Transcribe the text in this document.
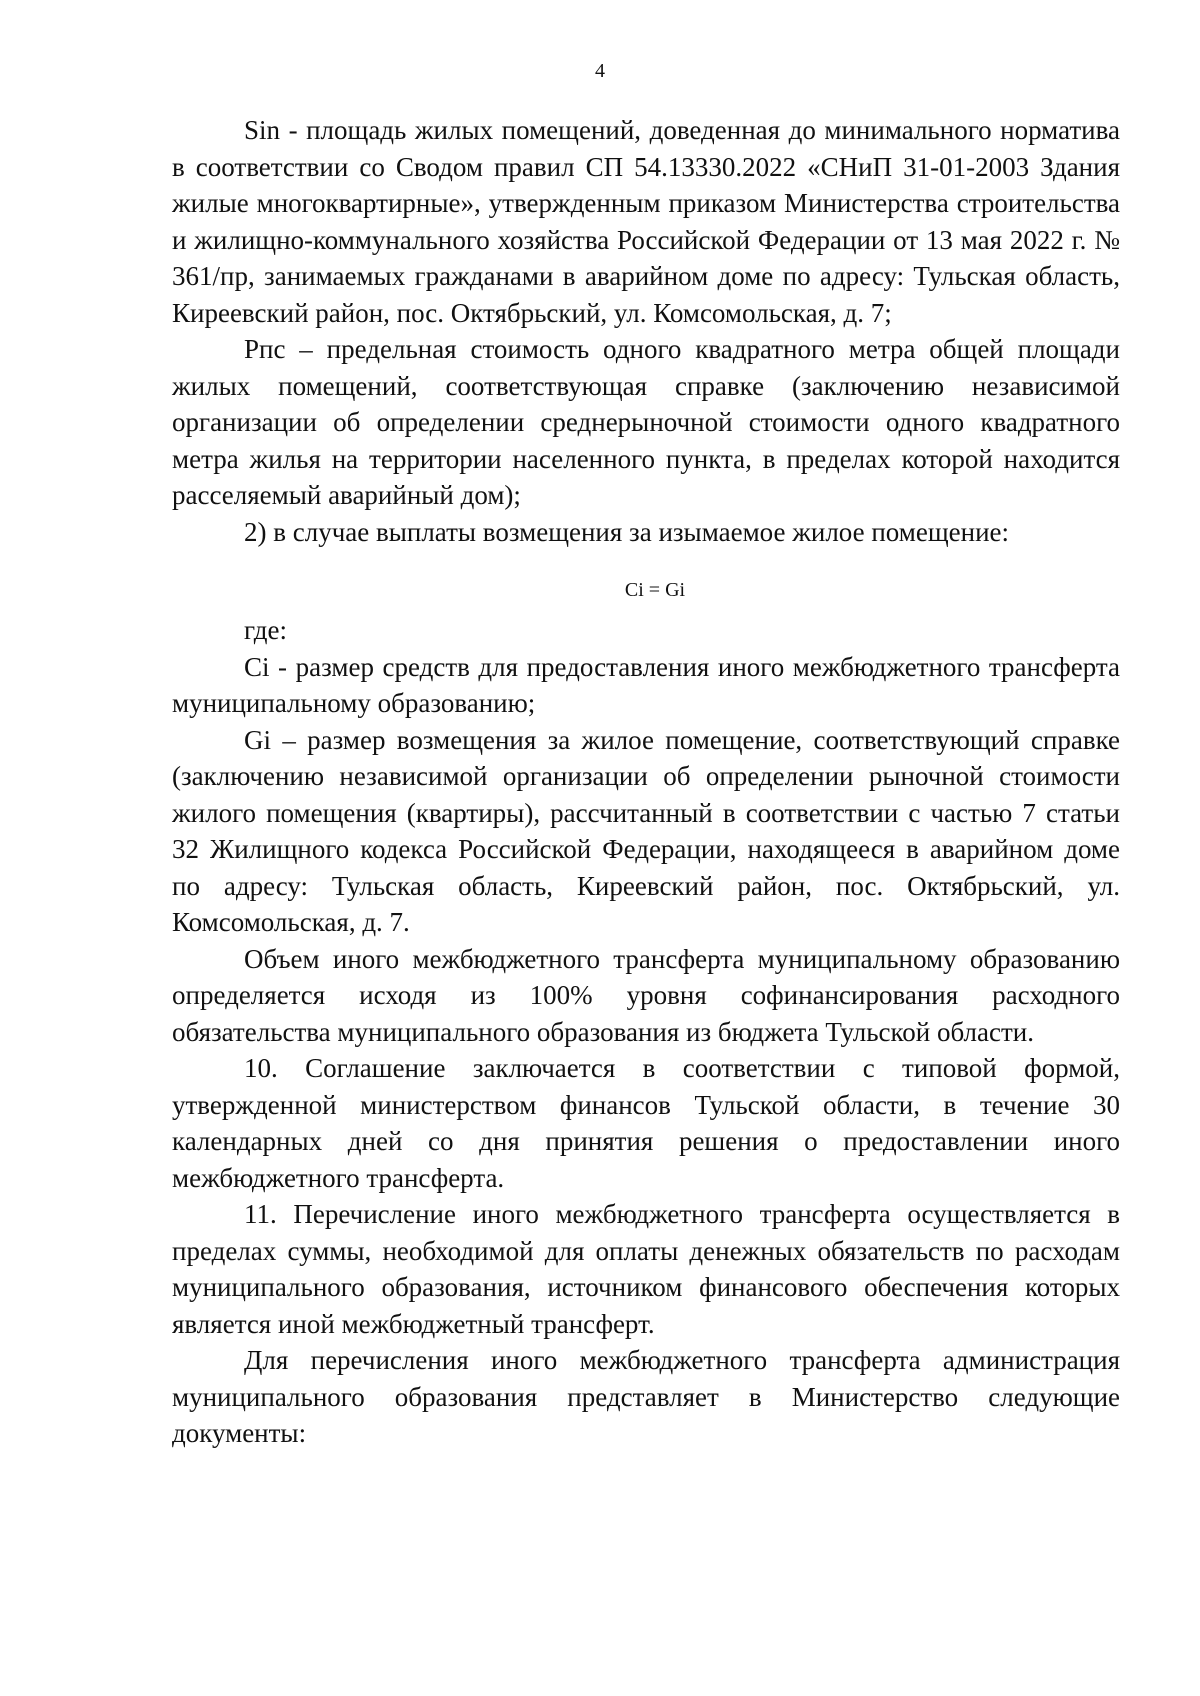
4

Sin - площадь жилых помещений, доведенная до минимального норматива в соответствии со Сводом правил СП 54.13330.2022 «СНиП 31-01-2003 Здания жилые многоквартирные», утвержденным приказом Министерства строительства и жилищно-коммунального хозяйства Российской Федерации от 13 мая 2022 г. № 361/пр, занимаемых гражданами в аварийном доме по адресу: Тульская область, Киреевский район, пос. Октябрьский, ул. Комсомольская, д. 7;

Рпс – предельная стоимость одного квадратного метра общей площади жилых помещений, соответствующая справке (заключению независимой организации об определении среднерыночной стоимости одного квадратного метра жилья на территории населенного пункта, в пределах которой находится расселяемый аварийный дом);

2) в случае выплаты возмещения за изымаемое жилое помещение:

Ci = Gi

где:

Ci - размер средств для предоставления иного межбюджетного трансферта муниципальному образованию;

Gi – размер возмещения за жилое помещение, соответствующий справке (заключению независимой организации об определении рыночной стоимости жилого помещения (квартиры), рассчитанный в соответствии с частью 7 статьи 32 Жилищного кодекса Российской Федерации, находящееся в аварийном доме по адресу: Тульская область, Киреевский район, пос. Октябрьский, ул. Комсомольская, д. 7.

Объем иного межбюджетного трансферта муниципальному образованию определяется исходя из 100% уровня софинансирования расходного обязательства муниципального образования из бюджета Тульской области.

10. Соглашение заключается в соответствии с типовой формой, утвержденной министерством финансов Тульской области, в течение 30 календарных дней со дня принятия решения о предоставлении иного межбюджетного трансферта.

11. Перечисление иного межбюджетного трансферта осуществляется в пределах суммы, необходимой для оплаты денежных обязательств по расходам муниципального образования, источником финансового обеспечения которых является иной межбюджетный трансферт.

Для перечисления иного межбюджетного трансферта администрация муниципального образования представляет в Министерство следующие документы:
